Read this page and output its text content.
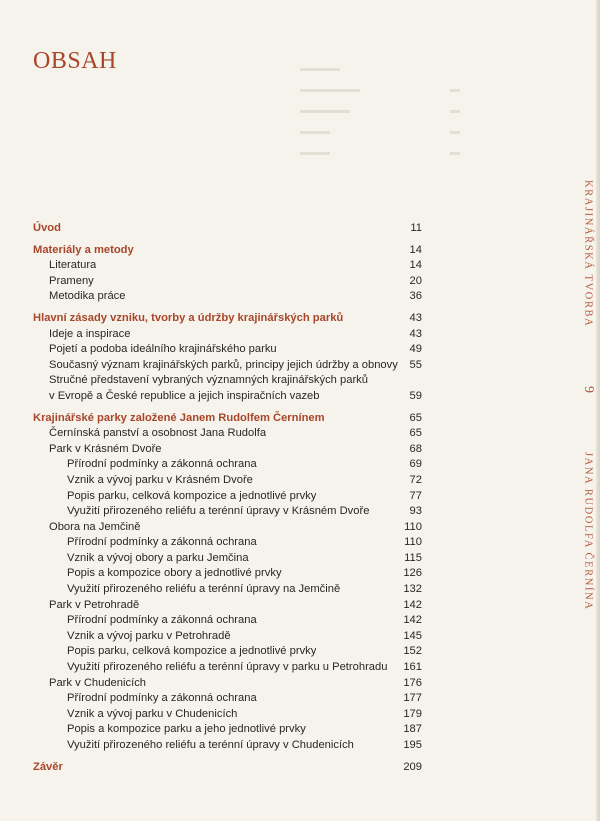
▬▬▬▬
▬▬▬▬▬▬	▬
▬▬▬▬▬	▬
▬▬▬	▬
▬▬▬	▬
OBSAH
Úvod	11
Materiály a metody	14
Literatura	14
Prameny	20
Metodika práce	36
Hlavní zásady vzniku, tvorby a údržby krajinářských parků	43
Ideje a inspirace	43
Pojetí a podoba ideálního krajinářského parku	49
Současný význam krajinářských parků, principy jejich údržby a obnovy	55
Stručné představení vybraných významných krajinářských parků
v Evropě a České republice a jejich inspiračních vazeb	59
Krajinářské parky založené Janem Rudolfem Černínem	65
Černínská panství a osobnost Jana Rudolfa	65
Park v Krásném Dvoře	68
Přírodní podmínky a zákonná ochrana	69
Vznik a vývoj parku v Krásném Dvoře	72
Popis parku, celková kompozice a jednotlivé prvky	77
Využití přirozeného reliéfu a terénní úpravy v Krásném Dvoře	93
Obora na Jemčině	110
Přírodní podmínky a zákonná ochrana	110
Vznik a vývoj obory a parku Jemčina	115
Popis a kompozice obory a jednotlivé prvky	126
Využití přirozeného reliéfu a terénní úpravy na Jemčině	132
Park v Petrohradě	142
Přírodní podmínky a zákonná ochrana	142
Vznik a vývoj parku v Petrohradě	145
Popis parku, celková kompozice a jednotlivé prvky	152
Využití přirozeného reliéfu a terénní úpravy v parku u Petrohradu	161
Park v Chudenicích	176
Přírodní podmínky a zákonná ochrana	177
Vznik a vývoj parku v Chudenicích	179
Popis a kompozice parku a jeho jednotlivé prvky	187
Využití přirozeného reliéfu a terénní úpravy v Chudenicích	195
Závěr	209
KRAJINÁŘSKÁ TVORBA
9
JANA RUDOLFA ČERNÍNA
